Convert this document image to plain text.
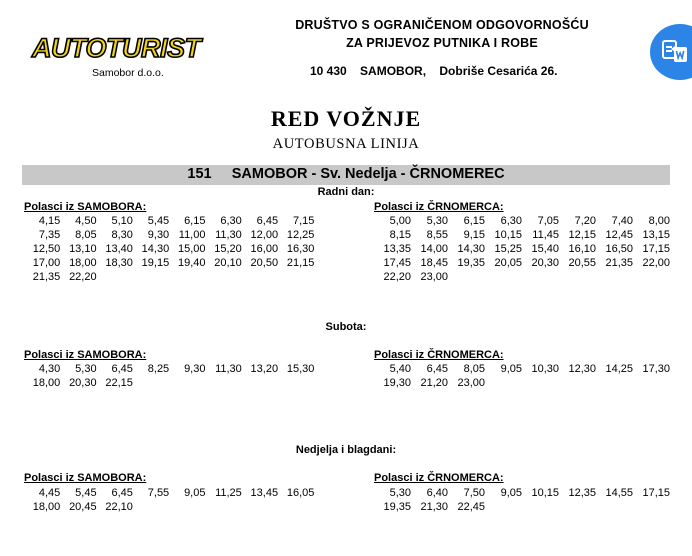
AUTOTURIST
Samobor d.o.o.
DRUŠTVO S OGRANIČENOM ODGOVORNOŠĆU
ZA PRIJEVOZ PUTNIKA I ROBE
10 430 SAMOBOR, Dobriše Cesarića 26.
RED VOŽNJE
AUTOBUSNA LINIJA
151 SAMOBOR - Sv. Nedelja - ČRNOMEREC
Radni dan:
Polasci iz SAMOBORA:	Polasci iz ČRNOMERCA:
4,15	4,50	5,10	5,45	6,15	6,30	6,45	7,15
7,35	8,05	8,30	9,30 11,00 11,30 12,00 12,25
12,50 13,10 13,40 14,30 15,00 15,20 16,00 16,30
17,00 18,00 18,30 19,15 19,40 20,10 20,50 21,15
21,35 22,20
5,00	5,30	6,15	6,30	7,05	7,20	7,40	8,00
8,15	8,55	9,15 10,15 11,45 12,15 12,45 13,15
13,35 14,00 14,30 15,25 15,40 16,10 16,50 17,15
17,45 18,45 19,35 20,05 20,30 20,55 21,35 22,00
22,20 23,00
Subota:
Polasci iz SAMOBORA:	Polasci iz ČRNOMERCA:
4,30	5,30	6,45	8,25	9,30 11,30 13,20 15,30
18,00 20,30 22,15
5,40	6,45	8,05	9,05 10,30 12,30 14,25 17,30
19,30 21,20 23,00
Nedjelja i blagdani:
Polasci iz SAMOBORA:	Polasci iz ČRNOMERCA:
4,45	5,45	6,45	7,55	9,05 11,25 13,45 16,05
18,00 20,45 22,10
5,30	6,40	7,50	9,05 10,15 12,35 14,55 17,15
19,35 21,30 22,45
